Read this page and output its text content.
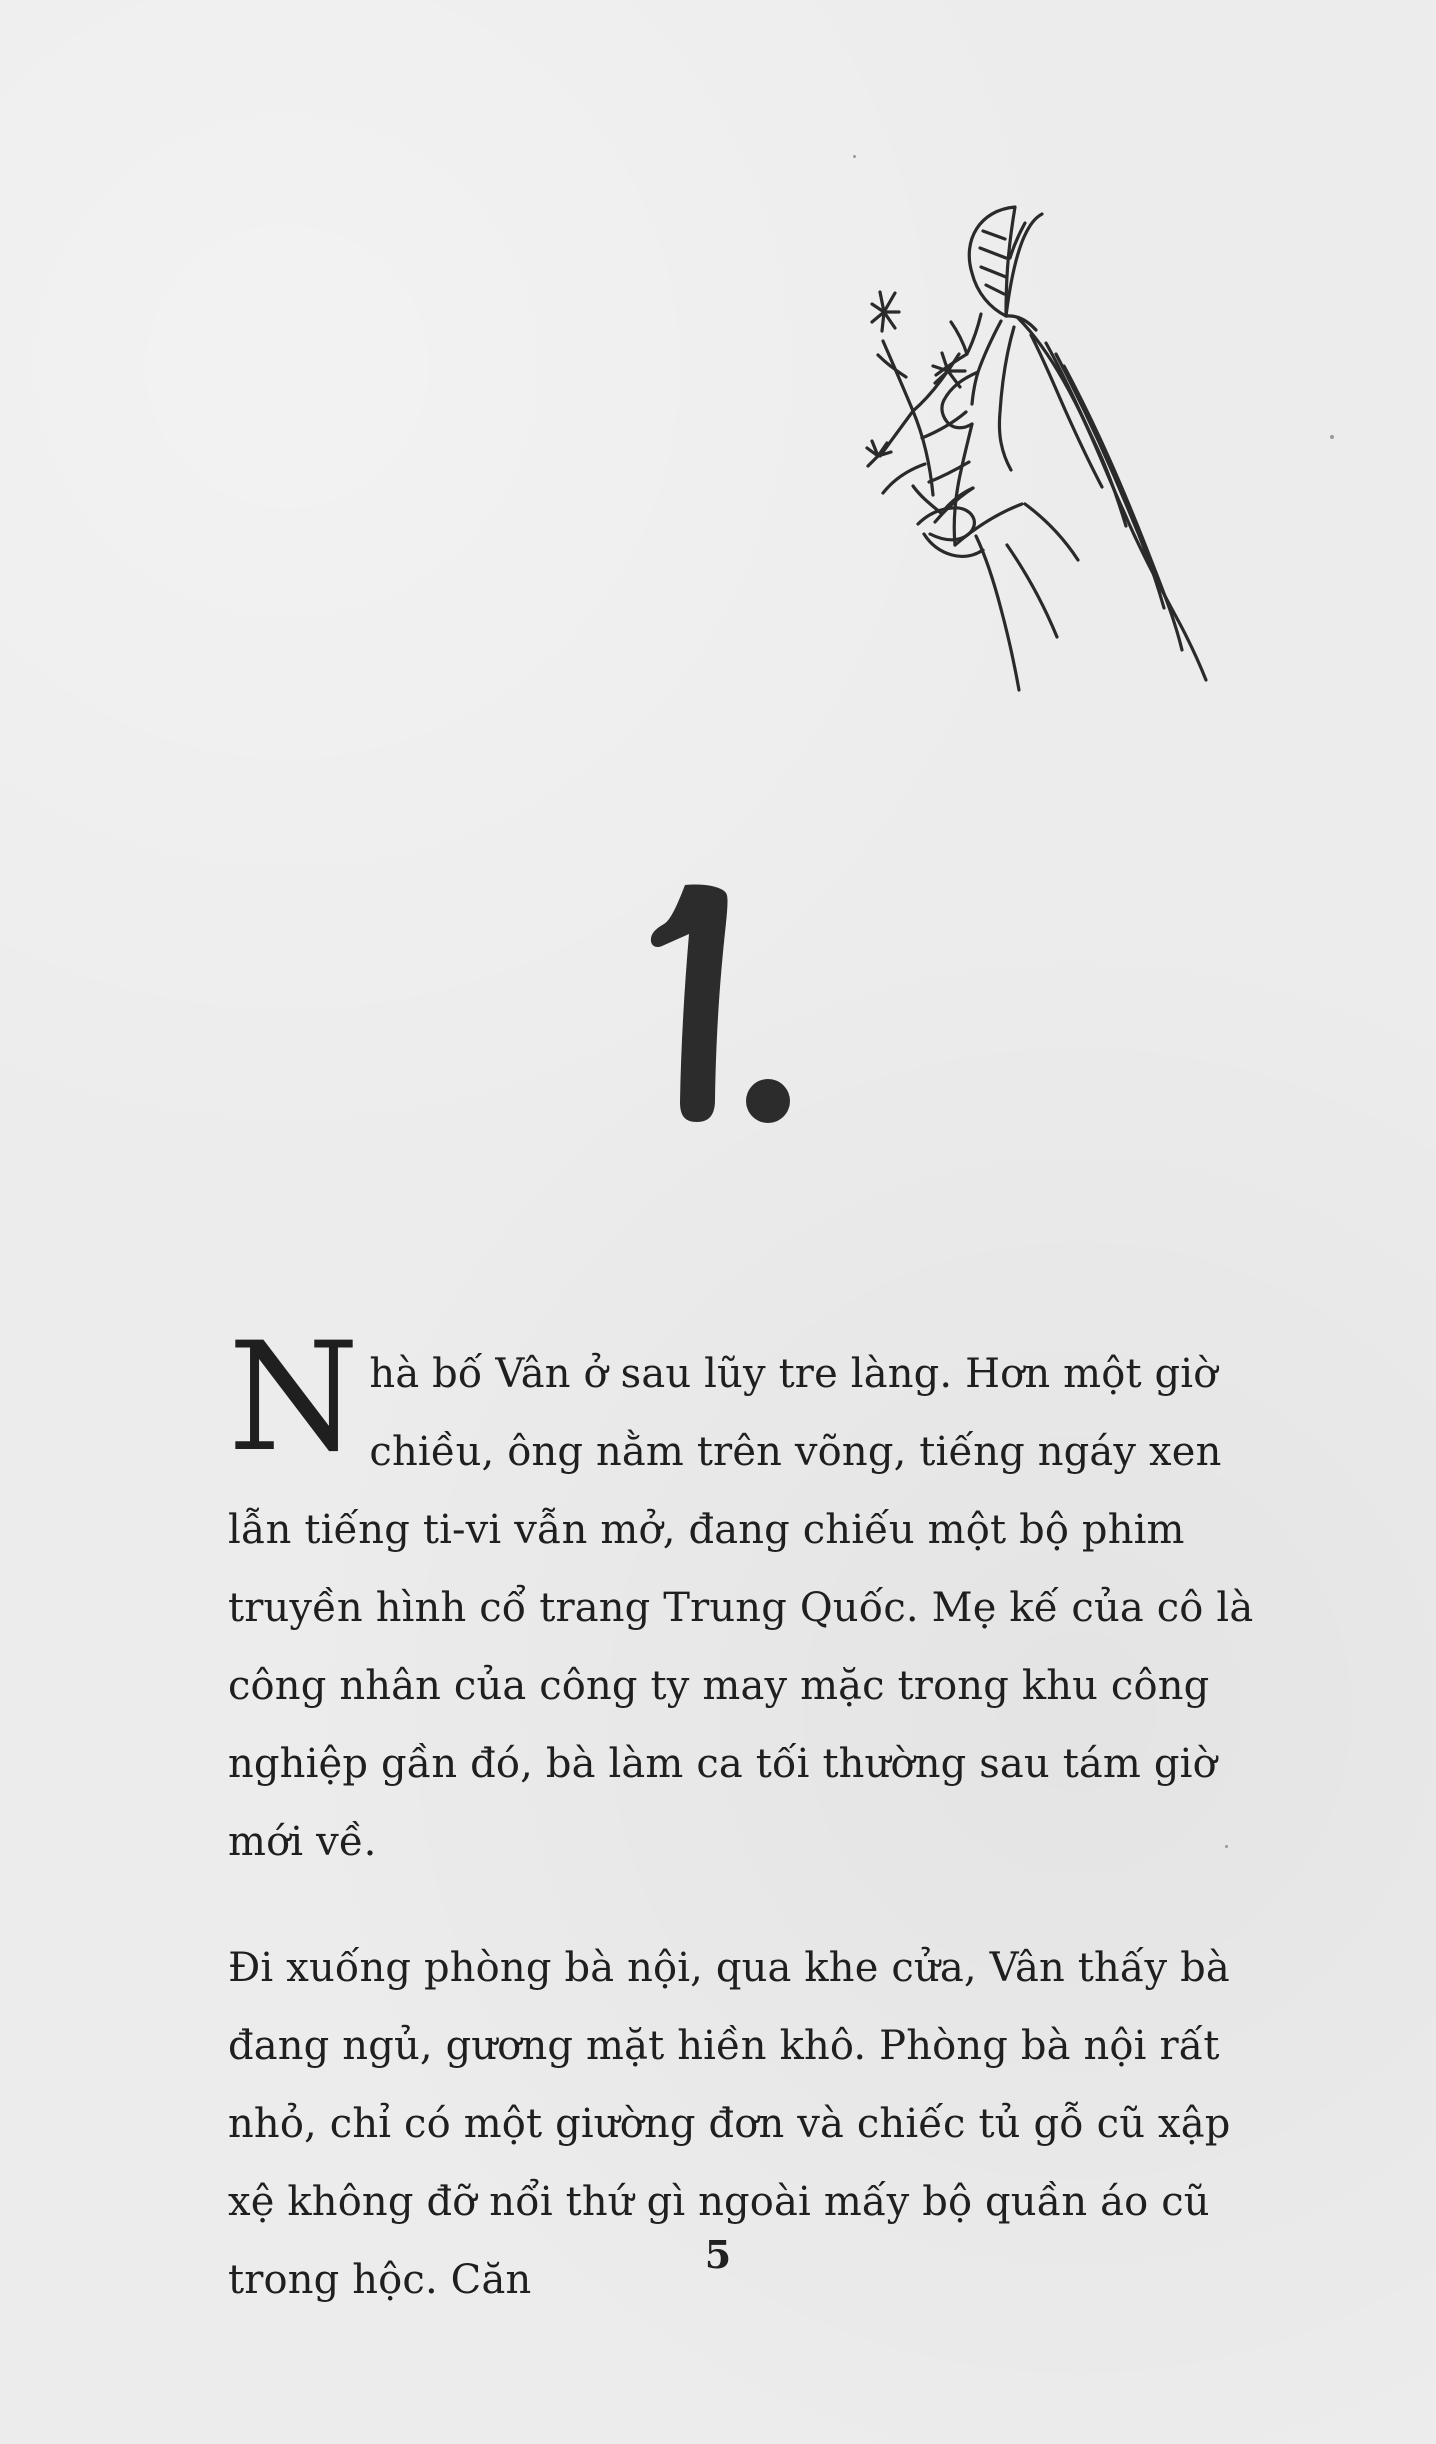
N hà bố Vân ở sau lũy tre làng. Hơn một giờ chiều, ông nằm trên võng, tiếng ngáy xen lẫn tiếng ti-vi vẫn mở, đang chiếu một bộ phim truyền hình cổ trang Trung Quốc. Mẹ kế của cô là công nhân của công ty may mặc trong khu công nghiệp gần đó, bà làm ca tối thường sau tám giờ mới về.

Đi xuống phòng bà nội, qua khe cửa, Vân thấy bà đang ngủ, gương mặt hiền khô. Phòng bà nội rất nhỏ, chỉ có một giường đơn và chiếc tủ gỗ cũ xập xệ không đỡ nổi thứ gì ngoài mấy bộ quần áo cũ trong hộc. Căn

5
